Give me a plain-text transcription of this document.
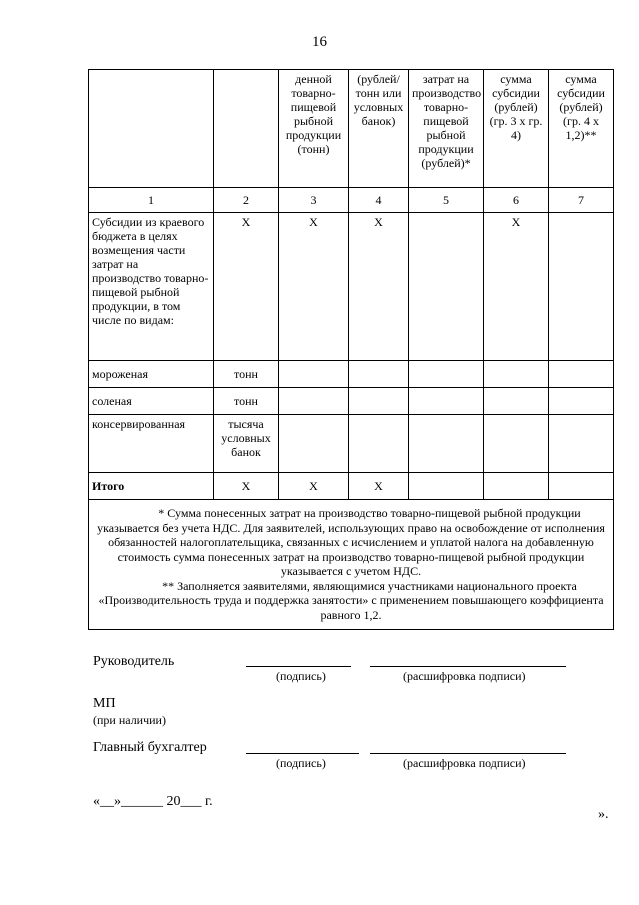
16
		денной товарно-пищевой рыбной продукции (тонн)	(рублей/ тонн или условных банок)	затрат на производство товарно-пищевой рыбной продукции (рублей)*	сумма субсидии (рублей) (гр. 3 х гр. 4)	сумма субсидии (рублей) (гр. 4 х 1,2)**
1	2	3	4	5	6	7
Субсидии из краевого бюджета в целях возмещения части затрат на производство товарно-пищевой рыбной продукции, в том числе по видам:	Х	Х	Х		Х	
мороженая	тонн					
соленая	тонн					
консервированная	тысяча условных банок					
Итого	Х	Х	Х			

* Сумма понесенных затрат на производство товарно-пищевой рыбной продукции указывается без учета НДС. Для заявителей, использующих право на освобождение от исполнения обязанностей налогоплательщика, связанных с исчислением и уплатой налога на добавленную стоимость сумма понесенных затрат на производство товарно-пищевой рыбной продукции указывается с учетом НДС.

** Заполняется заявителями, являющимися участниками национального проекта «Производительность труда и поддержка занятости» с применением повышающего коэффициента равного 1,2.						

Руководитель
(подпись)	(расшифровка подписи)
МП
(при наличии)
Главный бухгалтер
(подпись)	(расшифровка подписи)
«__»______ 20___ г.
».
